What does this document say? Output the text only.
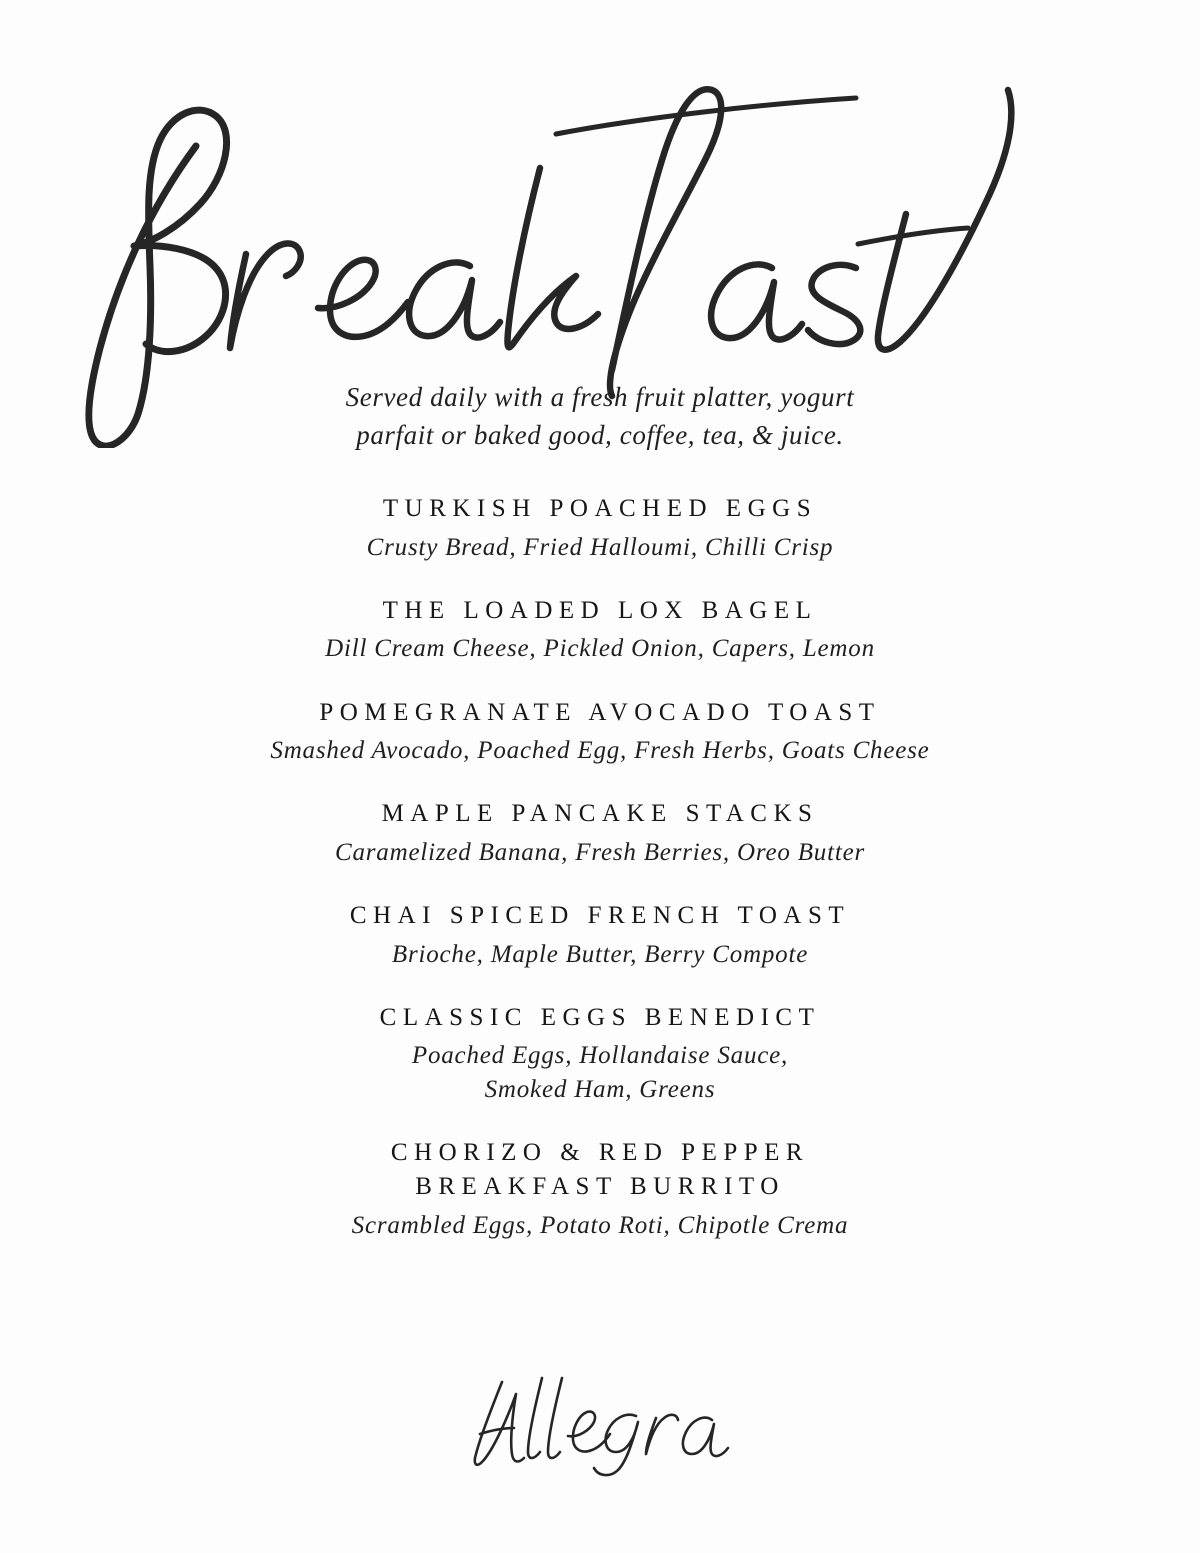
Served daily with a fresh fruit platter, yogurt
parfait or baked good, coffee, tea, & juice.
TURKISH POACHED EGGS
Crusty Bread, Fried Halloumi, Chilli Crisp
THE LOADED LOX BAGEL
Dill Cream Cheese, Pickled Onion, Capers, Lemon
POMEGRANATE AVOCADO TOAST
Smashed Avocado, Poached Egg, Fresh Herbs, Goats Cheese
MAPLE PANCAKE STACKS
Caramelized Banana, Fresh Berries, Oreo Butter
CHAI SPICED FRENCH TOAST
Brioche, Maple Butter, Berry Compote
CLASSIC EGGS BENEDICT
Poached Eggs, Hollandaise Sauce,
Smoked Ham, Greens
CHORIZO & RED PEPPER
BREAKFAST BURRITO
Scrambled Eggs, Potato Roti, Chipotle Crema
